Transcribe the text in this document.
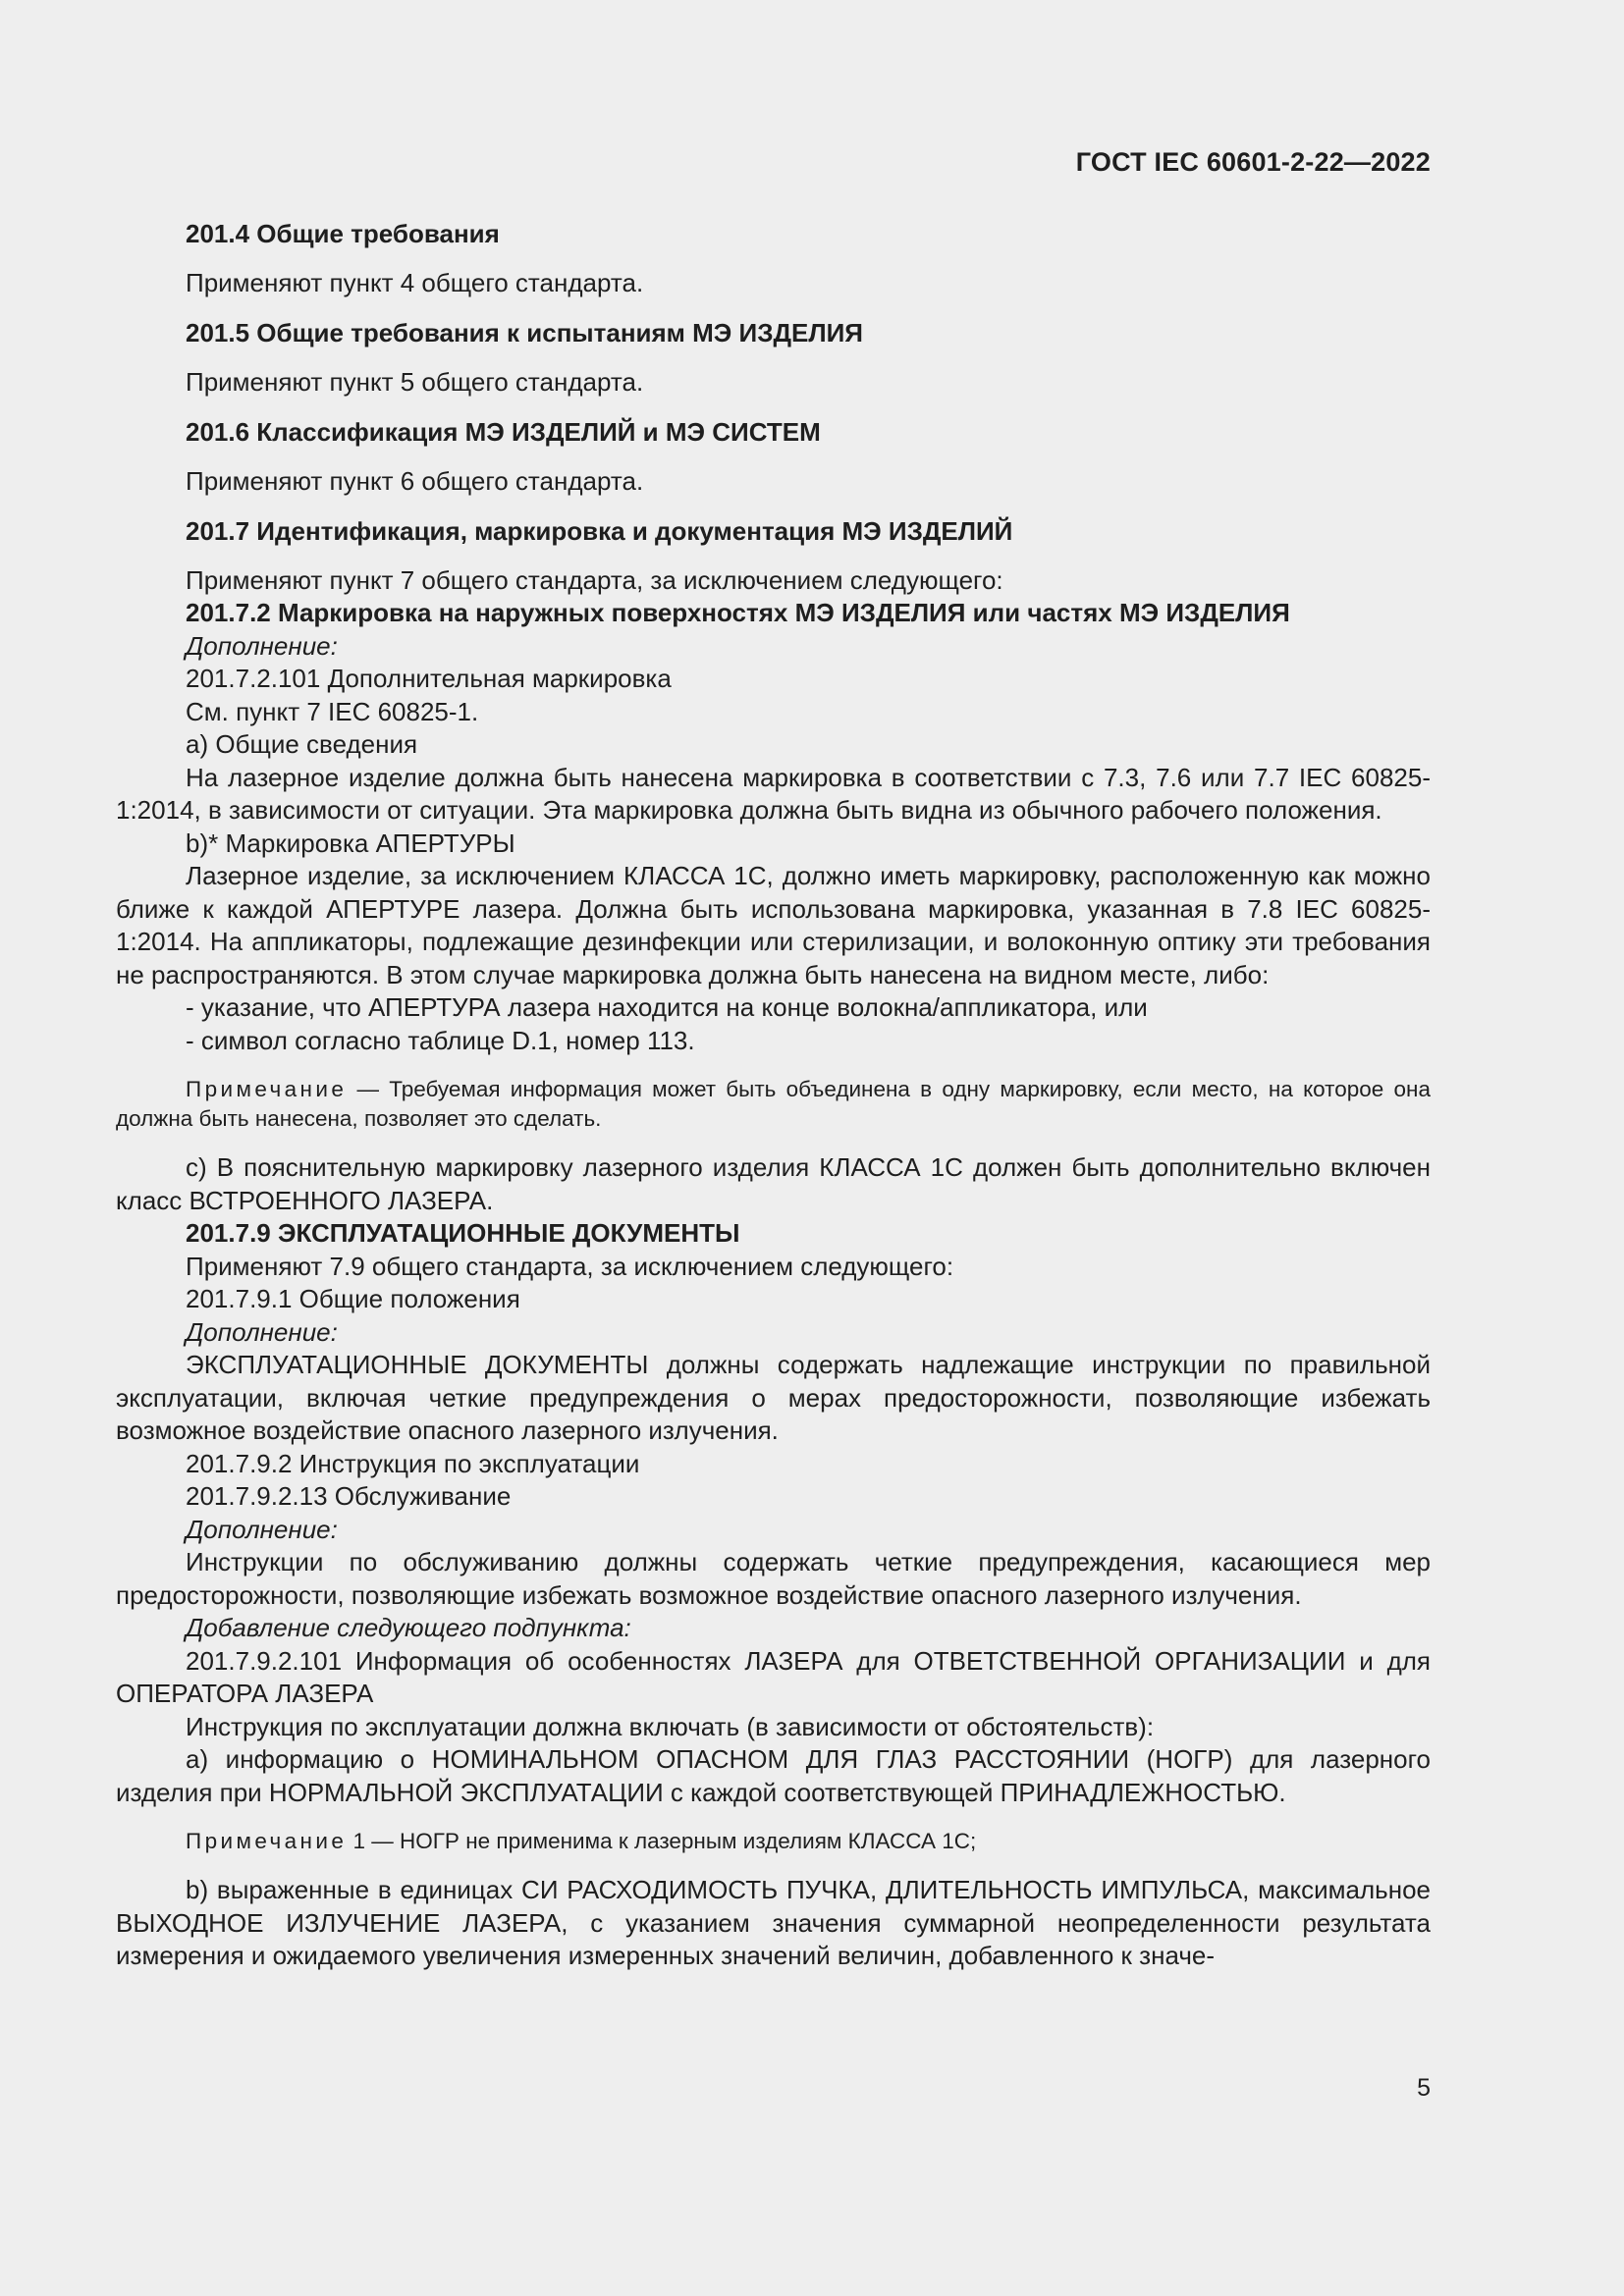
ГОСТ IEC 60601-2-22—2022

201.4 Общие требования

Применяют пункт 4 общего стандарта.

201.5 Общие требования к испытаниям МЭ ИЗДЕЛИЯ

Применяют пункт 5 общего стандарта.

201.6 Классификация МЭ ИЗДЕЛИЙ и МЭ СИСТЕМ

Применяют пункт 6 общего стандарта.

201.7 Идентификация, маркировка и документация МЭ ИЗДЕЛИЙ

Применяют пункт 7 общего стандарта, за исключением следующего:

201.7.2 Маркировка на наружных поверхностях МЭ ИЗДЕЛИЯ или частях МЭ ИЗДЕЛИЯ

Дополнение:

201.7.2.101 Дополнительная маркировка

См. пункт 7 IEC 60825-1.

a) Общие сведения

На лазерное изделие должна быть нанесена маркировка в соответствии с 7.3, 7.6 или 7.7 IEC 60825-1:2014, в зависимости от ситуации. Эта маркировка должна быть видна из обычного рабочего положения.

b)* Маркировка АПЕРТУРЫ

Лазерное изделие, за исключением КЛАССА 1С, должно иметь маркировку, расположенную как можно ближе к каждой АПЕРТУРЕ лазера. Должна быть использована маркировка, указанная в 7.8 IEC 60825-1:2014. На аппликаторы, подлежащие дезинфекции или стерилизации, и волоконную оптику эти требования не распространяются. В этом случае маркировка должна быть нанесена на видном месте, либо:

- указание, что АПЕРТУРА лазера находится на конце волокна/аппликатора, или

- символ согласно таблице D.1, номер 113.

Примечание — Требуемая информация может быть объединена в одну маркировку, если место, на которое она должна быть нанесена, позволяет это сделать.

с) В пояснительную маркировку лазерного изделия КЛАССА 1С должен быть дополнительно включен класс ВСТРОЕННОГО ЛАЗЕРА.

201.7.9 ЭКСПЛУАТАЦИОННЫЕ ДОКУМЕНТЫ

Применяют 7.9 общего стандарта, за исключением следующего:

201.7.9.1 Общие положения

Дополнение:

ЭКСПЛУАТАЦИОННЫЕ ДОКУМЕНТЫ должны содержать надлежащие инструкции по правильной эксплуатации, включая четкие предупреждения о мерах предосторожности, позволяющие избежать возможное воздействие опасного лазерного излучения.

201.7.9.2 Инструкция по эксплуатации

201.7.9.2.13 Обслуживание

Дополнение:

Инструкции по обслуживанию должны содержать четкие предупреждения, касающиеся мер предосторожности, позволяющие избежать возможное воздействие опасного лазерного излучения.

Добавление следующего подпункта:

201.7.9.2.101 Информация об особенностях ЛАЗЕРА для ОТВЕТСТВЕННОЙ ОРГАНИЗАЦИИ и для ОПЕРАТОРА ЛАЗЕРА

Инструкция по эксплуатации должна включать (в зависимости от обстоятельств):

а) информацию о НОМИНАЛЬНОМ ОПАСНОМ ДЛЯ ГЛАЗ РАССТОЯНИИ (НОГР) для лазерного изделия при НОРМАЛЬНОЙ ЭКСПЛУАТАЦИИ с каждой соответствующей ПРИНАДЛЕЖНОСТЬЮ.

Примечание 1 — НОГР не применима к лазерным изделиям КЛАССА 1С;

b) выраженные в единицах СИ РАСХОДИМОСТЬ ПУЧКА, ДЛИТЕЛЬНОСТЬ ИМПУЛЬСА, максимальное ВЫХОДНОЕ ИЗЛУЧЕНИЕ ЛАЗЕРА, с указанием значения суммарной неопределенности результата измерения и ожидаемого увеличения измеренных значений величин, добавленного к значе-

5
